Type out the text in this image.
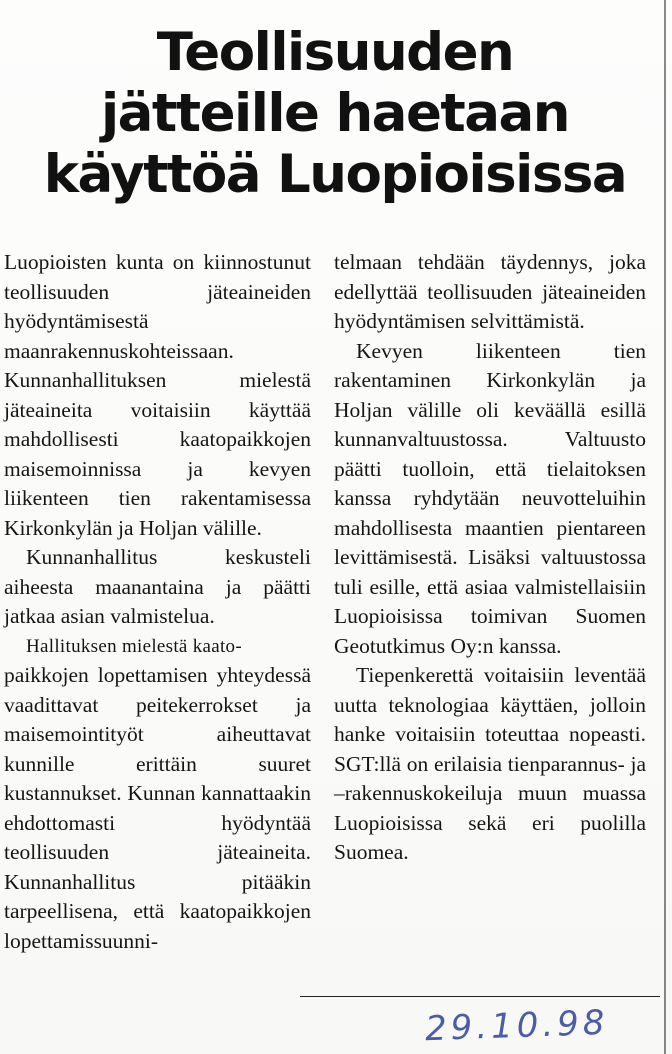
Teollisuuden
jätteille haetaan
käyttöä Luopioisissa

Luopioisten kunta on kiinnostunut teollisuuden jäteaineiden hyödyntämisestä maanrakennuskohteissaan. Kunnanhallituksen mielestä jäteaineita voitaisiin käyttää mahdollisesti kaatopaikkojen maisemoinnissa ja kevyen liikenteen tien rakentamisessa Kirkonkylän ja Holjan välille.

Kunnanhallitus keskusteli aiheesta maanantaina ja päätti jatkaa asian valmistelua.

Hallituksen mielestä kaato-

paikkojen lopettamisen yhteydessä vaadittavat peitekerrokset ja maisemointityöt aiheuttavat kunnille erittäin suuret kustannukset. Kunnan kannattaakin ehdottomasti hyödyntää teollisuuden jäteaineita. Kunnanhallitus pitääkin tarpeellisena, että kaatopaikkojen lopettamissuunni-

telmaan tehdään täydennys, joka edellyttää teollisuuden jäteaineiden hyödyntämisen selvittämistä.

Kevyen liikenteen tien rakentaminen Kirkonkylän ja Holjan välille oli keväällä esillä kunnanvaltuustossa. Valtuusto päätti tuolloin, että tielaitoksen kanssa ryhdytään neuvotteluihin mahdollisesta maantien pientareen levittämisestä. Lisäksi valtuustossa tuli esille, että asiaa valmistellaisiin Luopioisissa toimivan Suomen Geotutkimus Oy:n kanssa.

Tiepenkerettä voitaisiin leventää uutta teknologiaa käyttäen, jolloin hanke voitaisiin toteuttaa nopeasti. SGT:llä on erilaisia tienparannus- ja –rakennuskokeiluja muun muassa Luopioisissa sekä eri puolilla Suomea.

29.10.98
